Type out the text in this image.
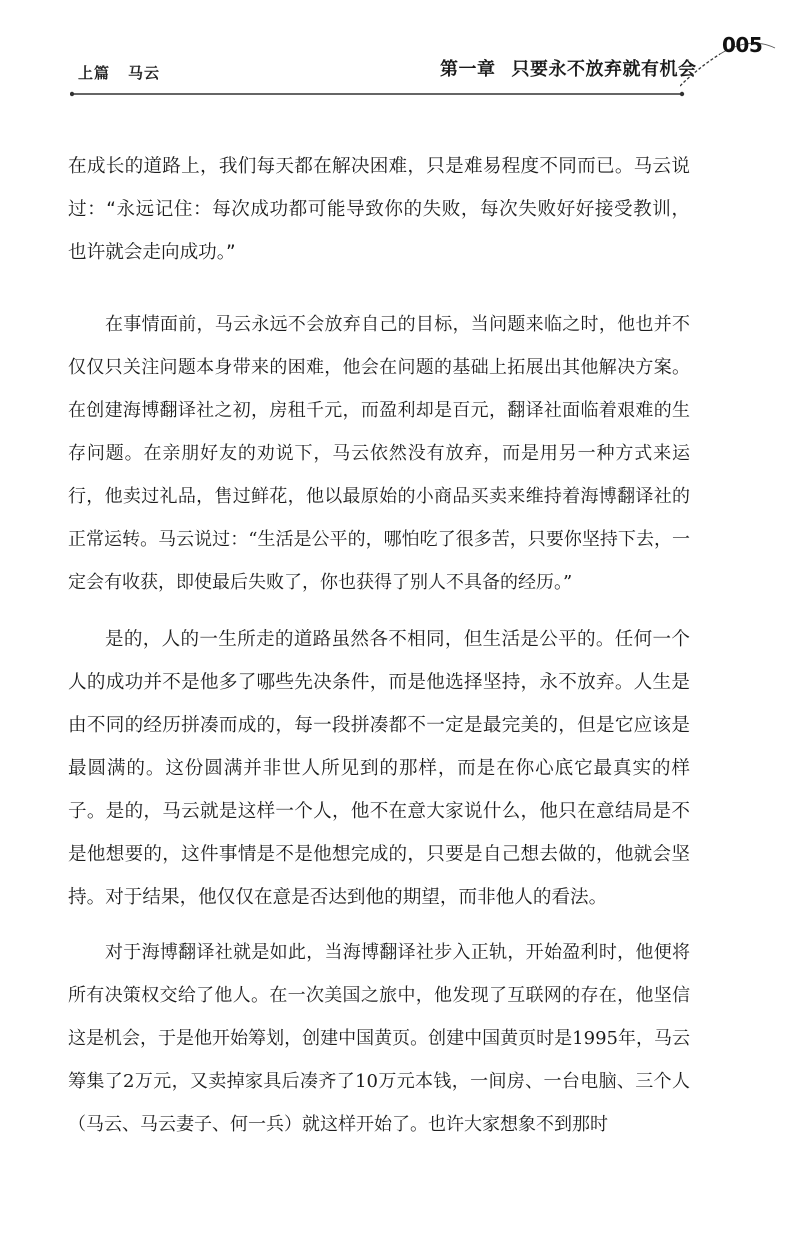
上篇 马云	第一章 只要永不放弃就有机会
005

在成长的道路上，我们每天都在解决困难，只是难易程度不同而已。马云说过：“永远记住：每次成功都可能导致你的失败，每次失败好好接受教训，也许就会走向成功。”

在事情面前，马云永远不会放弃自己的目标，当问题来临之时，他也并不仅仅只关注问题本身带来的困难，他会在问题的基础上拓展出其他解决方案。在创建海博翻译社之初，房租千元，而盈利却是百元，翻译社面临着艰难的生存问题。在亲朋好友的劝说下，马云依然没有放弃，而是用另一种方式来运行，他卖过礼品，售过鲜花，他以最原始的小商品买卖来维持着海博翻译社的正常运转。马云说过：“生活是公平的，哪怕吃了很多苦，只要你坚持下去，一定会有收获，即使最后失败了，你也获得了别人不具备的经历。”

是的，人的一生所走的道路虽然各不相同，但生活是公平的。任何一个人的成功并不是他多了哪些先决条件，而是他选择坚持，永不放弃。人生是由不同的经历拼凑而成的，每一段拼凑都不一定是最完美的，但是它应该是最圆满的。这份圆满并非世人所见到的那样，而是在你心底它最真实的样子。是的，马云就是这样一个人，他不在意大家说什么，他只在意结局是不是他想要的，这件事情是不是他想完成的，只要是自己想去做的，他就会坚持。对于结果，他仅仅在意是否达到他的期望，而非他人的看法。

对于海博翻译社就是如此，当海博翻译社步入正轨，开始盈利时，他便将所有决策权交给了他人。在一次美国之旅中，他发现了互联网的存在，他坚信这是机会，于是他开始筹划，创建中国黄页。创建中国黄页时是1995年，马云筹集了2万元，又卖掉家具后凑齐了10万元本钱，一间房、一台电脑、三个人（马云、马云妻子、何一兵）就这样开始了。也许大家想象不到那时
